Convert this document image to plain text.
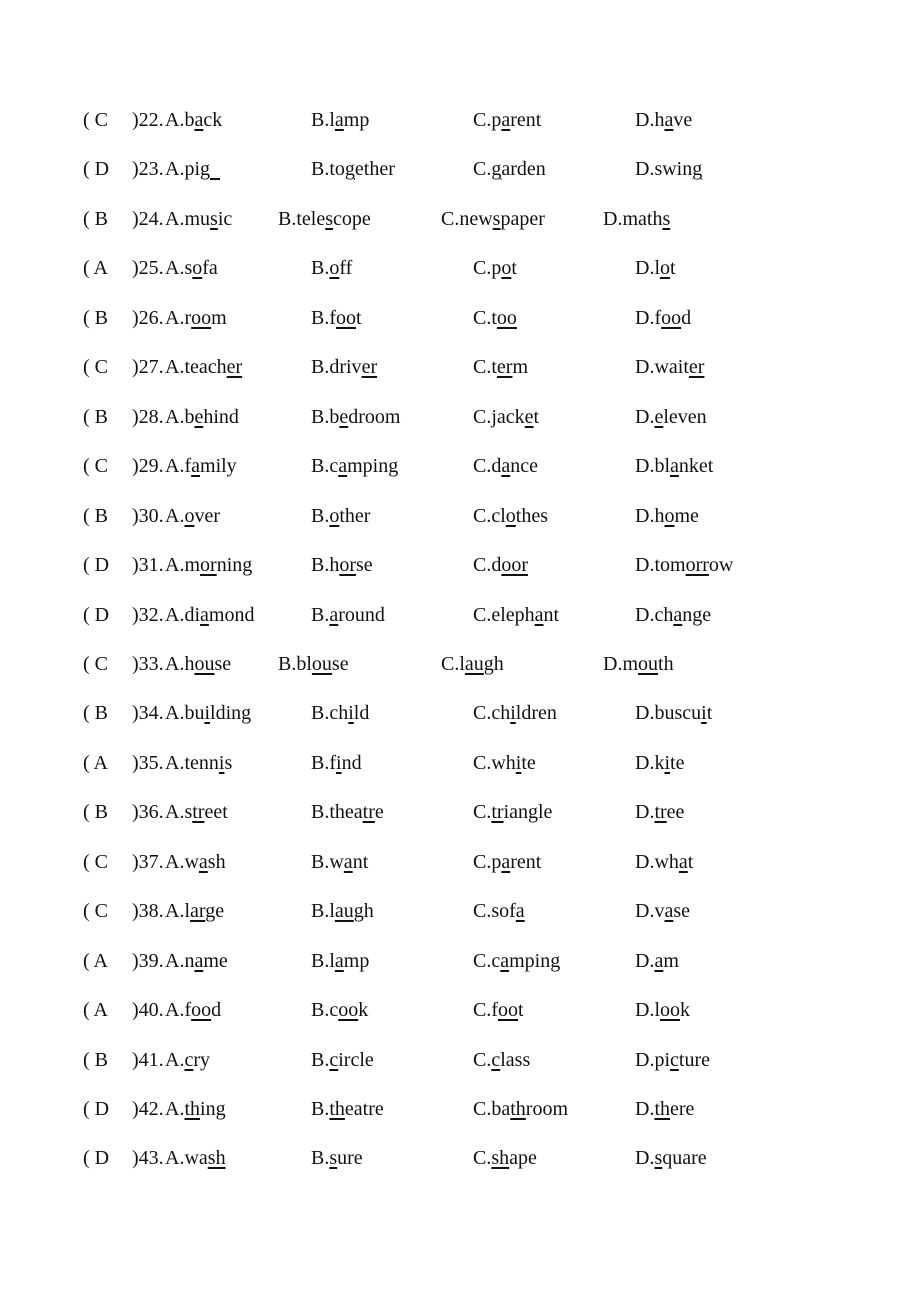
( C )22. A.back	B.lamp	C.parent	D.have
( D )23. A.pig	B.together	C.garden	D.swing
( B )24. A.music B.telescope	C.newspaper	D.maths
( A )25. A.sofa	B.off	C.pot	D.lot
( B )26. A.room	B.foot	C.too	D.food
( C )27. A.teacher	B.driver	C.term	D.waiter
( B )28. A.behind	B.bedroom	C.jacket	D.eleven
( C )29. A.family	B.camping	C.dance	D.blanket
( B )30. A.over	B.other	C.clothes	D.home
( D )31. A.morning	B.horse	C.door	D.tomorrow
( D )32. A.diamond	B.around	C.elephant	D.change
( C )33. A.house B.blouse	C.laugh	D.mouth
( B )34. A.building	B.child	C.children	D.buscuit
( A )35. A.tennis	B.find	C.white	D.kite
( B )36. A.street	B.theatre	C.triangle	D.tree
( C )37. A.wash	B.want	C.parent	D.what
( C )38. A.large	B.laugh	C.sofa	D.vase
( A )39. A.name	B.lamp	C.camping	D.am
( A )40. A.food	B.cook	C.foot	D.look
( B )41. A.cry	B.circle	C.class	D.picture
( D )42. A.thing	B.theatre	C.bathroom	D.there
( D )43. A.wash	B.sure	C.shape	D.square
